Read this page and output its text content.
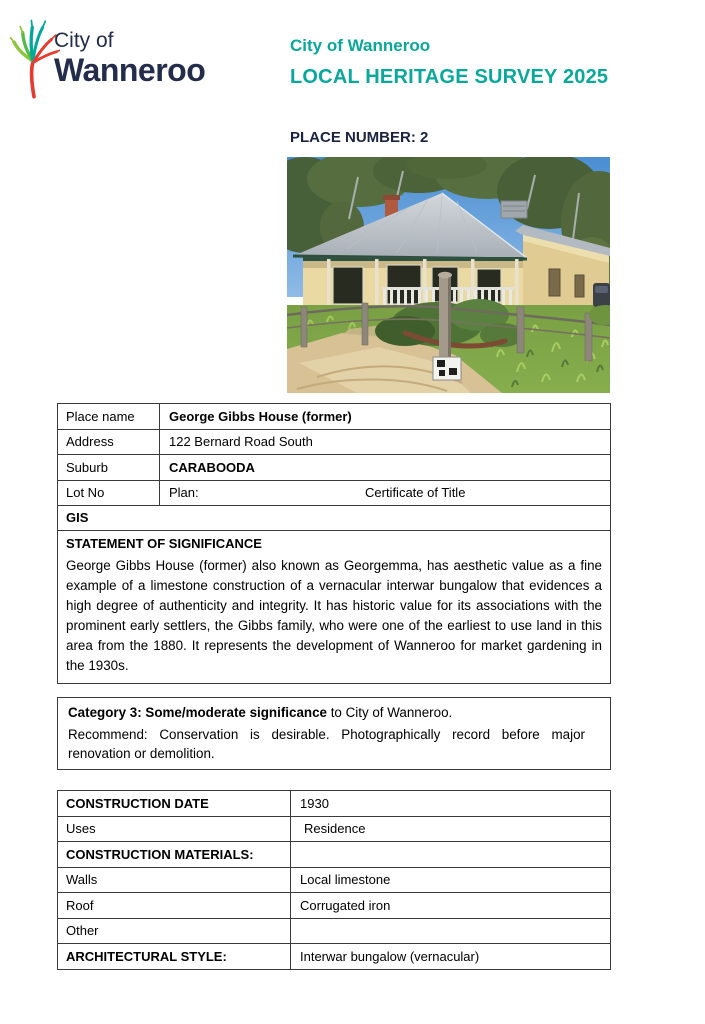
City of
Wanneroo
City of Wanneroo
LOCAL HERITAGE SURVEY 2025
PLACE NUMBER: 2
Place name	George Gibbs House (former)
Address	122 Bernard Road South
Suburb	CARABOODA
Lot No	Plan:	Certificate of Title
GIS
STATEMENT OF SIGNIFICANCE
George Gibbs House (former) also known as Georgemma, has aesthetic value as a fine example of a limestone construction of a vernacular interwar bungalow that evidences a high degree of authenticity and integrity. It has historic value for its associations with the prominent early settlers, the Gibbs family, who were one of the earliest to use land in this area from the 1880. It represents the development of Wanneroo for market gardening in the 1930s.
Category 3: Some/moderate significance to City of Wanneroo.
Recommend: Conservation is desirable. Photographically record before major renovation or demolition.
CONSTRUCTION DATE	1930
Uses	Residence
CONSTRUCTION MATERIALS:
Walls	Local limestone
Roof	Corrugated iron
Other
ARCHITECTURAL STYLE:	Interwar bungalow (vernacular)
